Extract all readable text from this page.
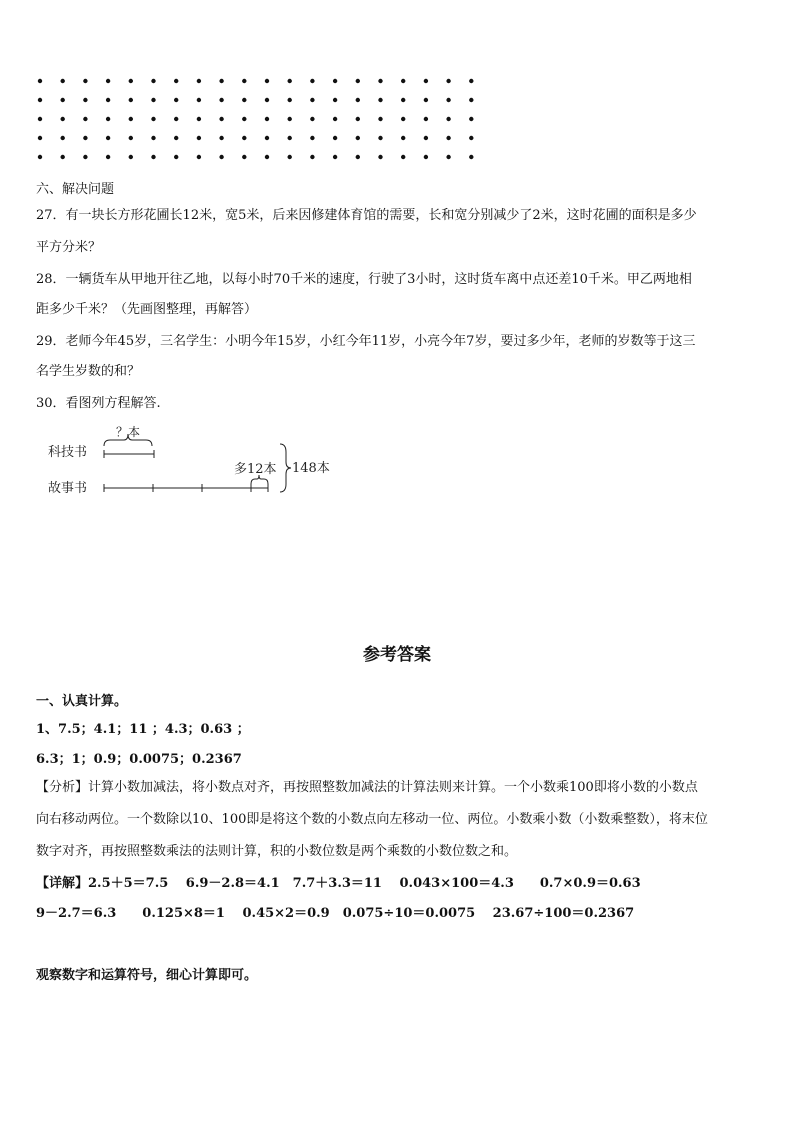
六、解决问题
27．有一块长方形花圃长12米，宽5米，后来因修建体育馆的需要，长和宽分别减少了2米，这时花圃的面积是多少
平方分米？
28．一辆货车从甲地开往乙地，以每小时70千米的速度，行驶了3小时，这时货车离中点还差10千米。甲乙两地相
距多少千米？（先画图整理，再解答）
29．老师今年45岁，三名学生：小明今年15岁，小红今年11岁，小亮今年7岁，要过多少年，老师的岁数等于这三
名学生岁数的和？
30．看图列方程解答.
科技书
故事书
？本
多12本 148本
参考答案
一、认真计算。
1、7.5；4.1；11 ；4.3；0.63 ；
6.3；1；0.9；0.0075；0.2367
【分析】计算小数加减法，将小数点对齐，再按照整数加减法的计算法则来计算。一个小数乘100即将小数的小数点
向右移动两位。一个数除以10、100即是将这个数的小数点向左移动一位、两位。小数乘小数（小数乘整数），将末位
数字对齐，再按照整数乘法的法则计算，积的小数位数是两个乘数的小数位数之和。
【详解】2.5＋5＝7.5　 6.9－2.8＝4.1　7.7＋3.3＝11　 0.043×100＝4.3　　0.7×0.9＝0.63
9－2.7＝6.3　　0.125×8＝1　 0.45×2＝0.9　0.075÷10＝0.0075　 23.67÷100＝0.2367
观察数字和运算符号，细心计算即可。
